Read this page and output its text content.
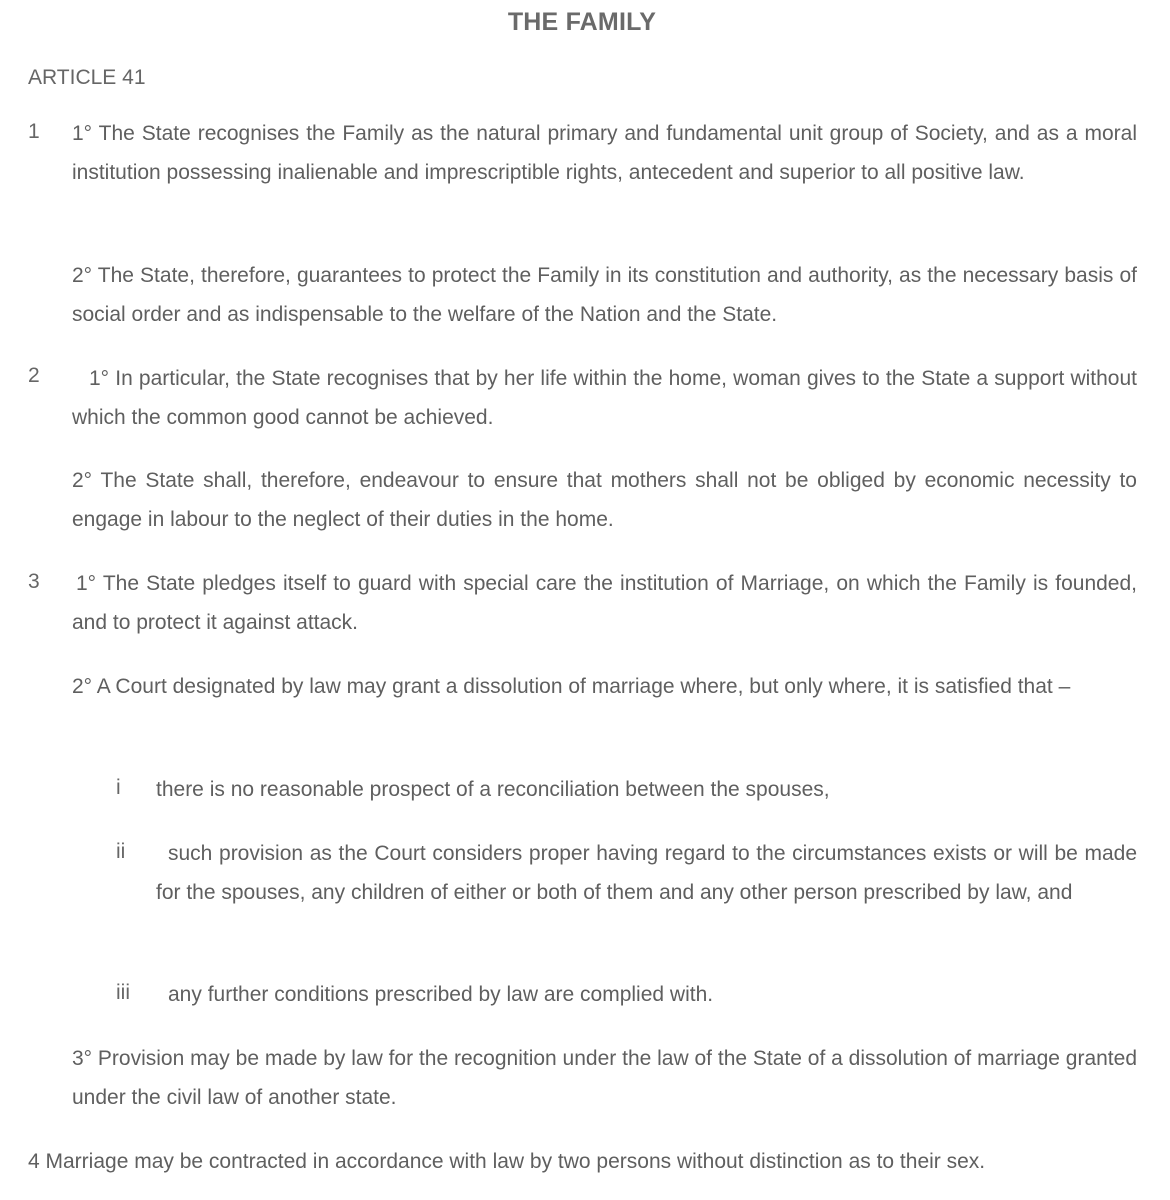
THE FAMILY
ARTICLE 41
1 1° The State recognises the Family as the natural primary and fundamental unit group of Society, and as a moral institution possessing inalienable and imprescriptible rights, antecedent and superior to all positive law.
2° The State, therefore, guarantees to protect the Family in its constitution and authority, as the necessary basis of social order and as indispensable to the welfare of the Nation and the State.
2	1° In particular, the State recognises that by her life within the home, woman gives to the State a support without which the common good cannot be achieved.
2° The State shall, therefore, endeavour to ensure that mothers shall not be obliged by economic necessity to engage in labour to the neglect of their duties in the home.
3 1° The State pledges itself to guard with special care the institution of Marriage, on which the Family is founded, and to protect it against attack.
2° A Court designated by law may grant a dissolution of marriage where, but only where, it is satisfied that –
i there is no reasonable prospect of a reconciliation between the spouses,
ii	such provision as the Court considers proper having regard to the circumstances exists or will be made for the spouses, any children of either or both of them and any other person prescribed by law, and
iii	any further conditions prescribed by law are complied with.
3° Provision may be made by law for the recognition under the law of the State of a dissolution of marriage granted under the civil law of another state.
4 Marriage may be contracted in accordance with law by two persons without distinction as to their sex.
